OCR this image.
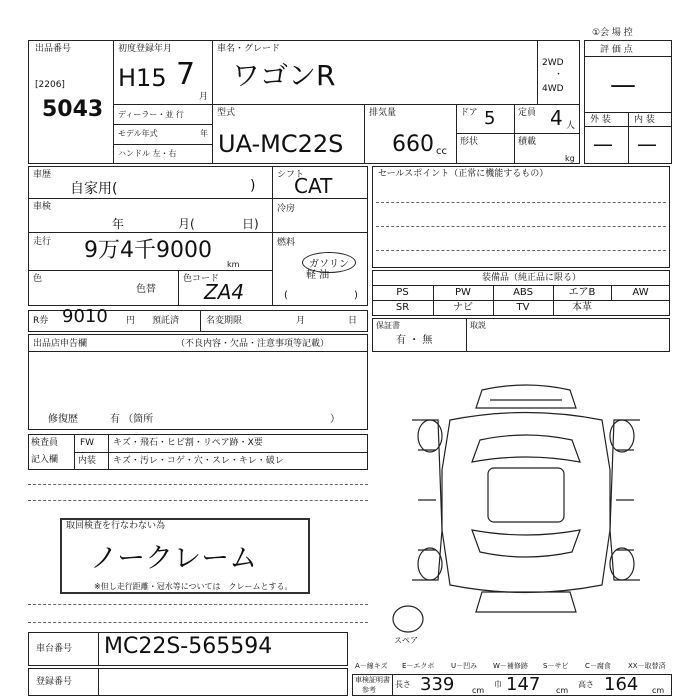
①会 場 控
出品番号
[2206]
5043
初度登録年月
H15 7
月
車名・グレード
ワゴンR	2WD
・
4WD
ディーラー・並 行
モデル年式	年
ハンドル 左・右
型式
UA-MC22S
排気量
660 cc
ドア 5
形状
定員 4 人
積載
kg
評 価 点
—
外 装	内 装
— —
車歴
自家用(	)
シフト
CAT
車検
年	月(	日)
冷房
走行 9万4千9000
km
燃料
ガソリン
軽 油
(	)
色
色替
色コード
ZA4
セールスポイント（正常に機能するもの）
装備品（純正品に限る）
PS	PW	ABS	エアB	AW
SR	ナビ	TV	本革
R券 9010 円 預託済	名変期限	月	日 保証書
有 ・ 無
取説
出品店申告欄	（不良内容・欠品・注意事項等記載）
修復歴	有 （箇所	）
検査員
記入欄
FW キズ・飛石・ヒビ割・リペア跡・X要
内装 キズ・汚レ・コゲ・穴・スレ・キレ・破レ
取回検査を行なわない為
ノークレーム
※但し走行距離・冠水等については　クレームとする。
スペア
車台番号 MC22S-565594
登録番号
A－線キズ E－エクボ U－凹み W－補修跡 S－サビ C－腐食 XX－取替済
車検証明書
参考
長さ 339 cm
巾 147 cm
高さ 164 cm
